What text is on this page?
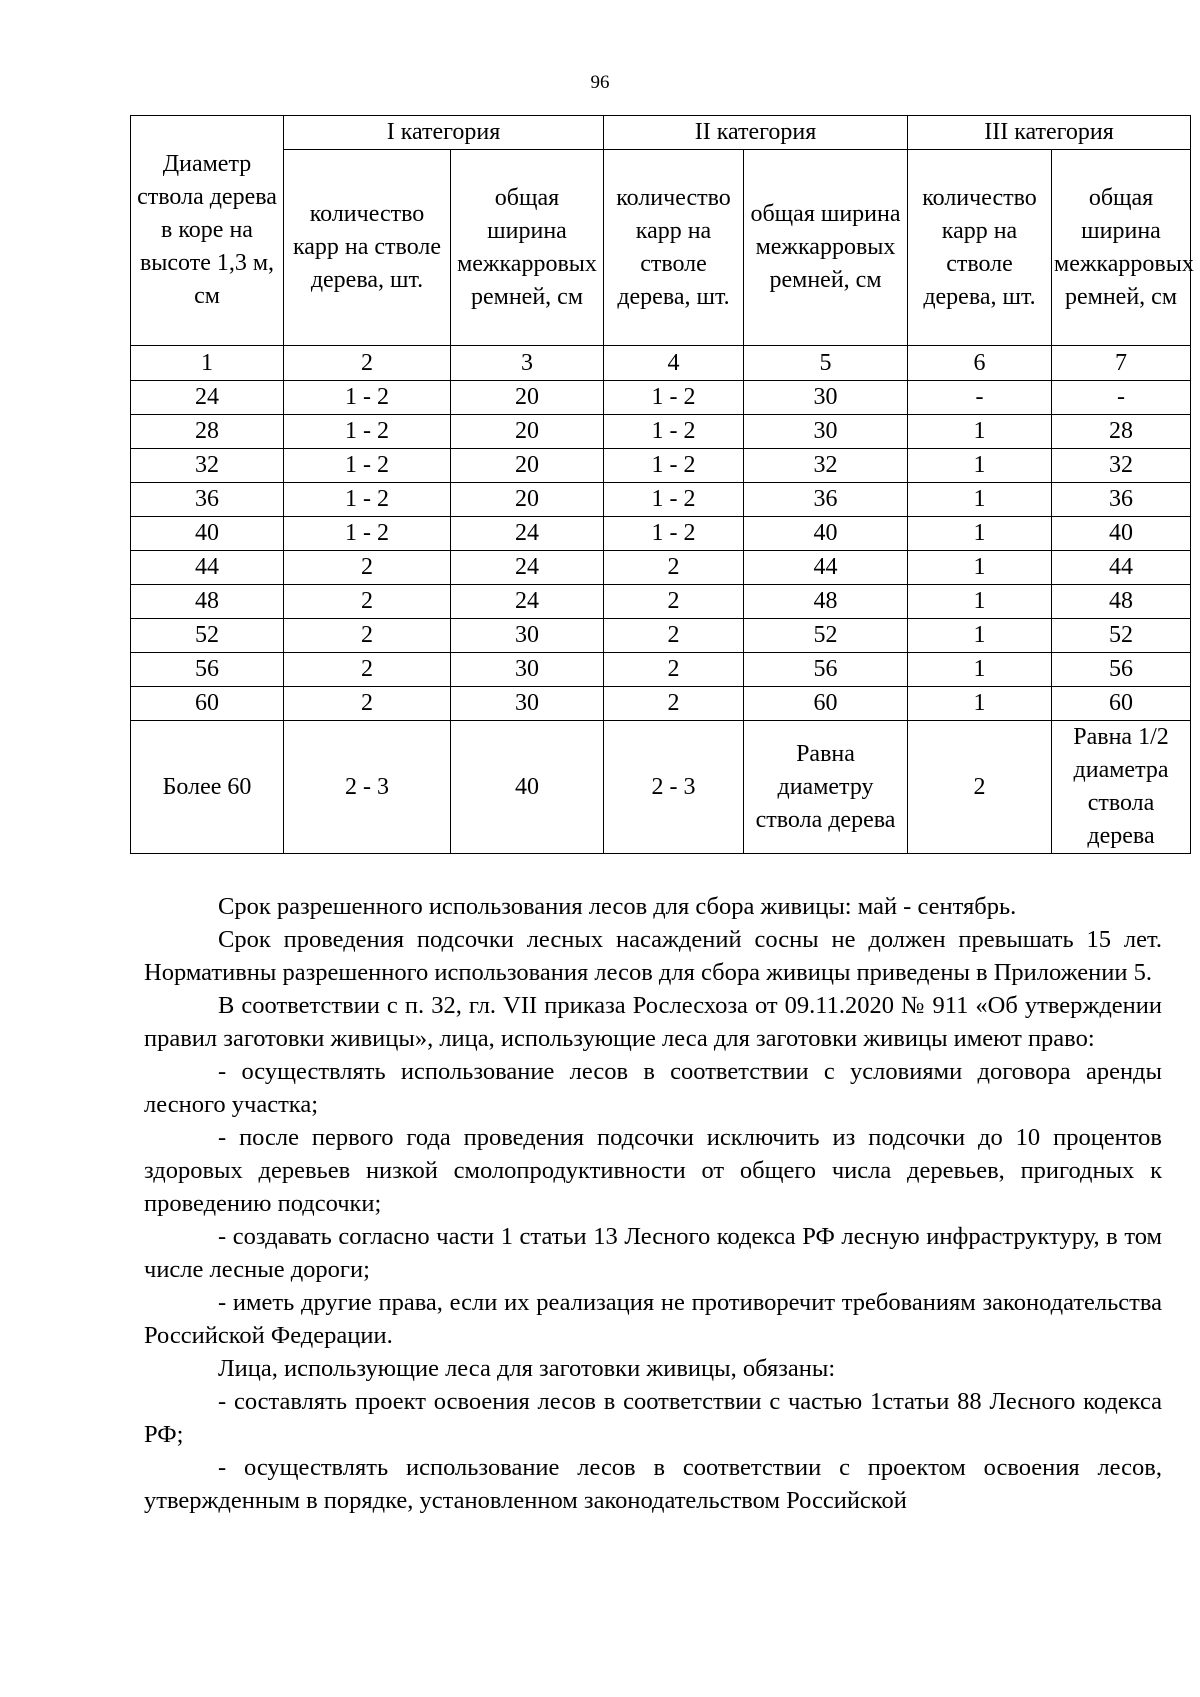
96
Диаметр ствола дерева в коре на высоте 1,3 м, см	I категория		II категория		III категория	
	количество карр на стволе дерева, шт.	общая ширина межкарровых ремней, см	количество карр на стволе дерева, шт.	общая ширина межкарровых ремней, см	количество карр на стволе дерева, шт.	общая ширина межкарровых ремней, см
1	2	3	4	5	6	7
24	1 - 2	20	1 - 2	30	-	-
28	1 - 2	20	1 - 2	30	1	28
32	1 - 2	20	1 - 2	32	1	32
36	1 - 2	20	1 - 2	36	1	36
40	1 - 2	24	1 - 2	40	1	40
44	2	24	2	44	1	44
48	2	24	2	48	1	48
52	2	30	2	52	1	52
56	2	30	2	56	1	56
60	2	30	2	60	1	60
Более 60	2 - 3	40	2 - 3	Равна диаметру ствола дерева	2	Равна 1/2 диаметра ствола дерева

Срок разрешенного использования лесов для сбора живицы: май - сентябрь.

Срок проведения подсочки лесных насаждений сосны не должен превышать 15 лет. Нормативны разрешенного использования лесов для сбора живицы приведены в Приложении 5.

В соответствии с п. 32, гл. VII приказа Рослесхоза от 09.11.2020 № 911 «Об утверждении правил заготовки живицы», лица, использующие леса для заготовки живицы имеют право:

- осуществлять использование лесов в соответствии с условиями договора аренды лесного участка;

- после первого года проведения подсочки исключить из подсочки до 10 процентов здоровых деревьев низкой смолопродуктивности от общего числа деревьев, пригодных к проведению подсочки;

- создавать согласно части 1 статьи 13 Лесного кодекса РФ лесную инфраструктуру, в том числе лесные дороги;

- иметь другие права, если их реализация не противоречит требованиям законодательства Российской Федерации.

Лица, использующие леса для заготовки живицы, обязаны:

- составлять проект освоения лесов в соответствии с частью 1статьи 88 Лесного кодекса РФ;

- осуществлять использование лесов в соответствии с проектом освоения лесов, утвержденным в порядке, установленном законодательством Российской
